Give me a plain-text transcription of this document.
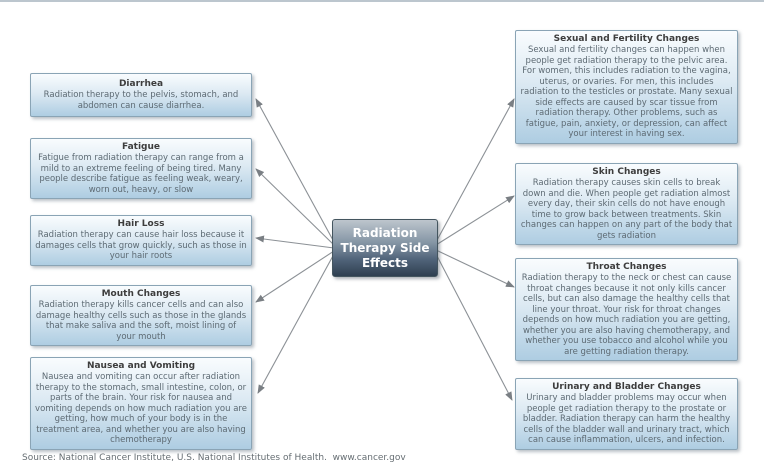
Diarrhea
Radiation therapy to the pelvis, stomach, and abdomen can cause diarrhea.
Fatigue
Fatigue from radiation therapy can range from a mild to an extreme feeling of being tired. Many people describe fatigue as feeling weak, weary, worn out, heavy, or slow
Hair Loss
Radiation therapy can cause hair loss because it damages cells that grow quickly, such as those in your hair roots
Mouth Changes
Radiation therapy kills cancer cells and can also damage healthy cells such as those in the glands that make saliva and the soft, moist lining of your mouth
Nausea and Vomiting
Nausea and vomiting can occur after radiation therapy to the stomach, small intestine, colon, or parts of the brain. Your risk for nausea and vomiting depends on how much radiation you are getting, how much of your body is in the treatment area, and whether you are also having chemotherapy
Sexual and Fertility Changes
Sexual and fertility changes can happen when people get radiation therapy to the pelvic area. For women, this includes radiation to the vagina, uterus, or ovaries. For men, this includes radiation to the testicles or prostate. Many sexual side effects are caused by scar tissue from radiation therapy. Other problems, such as fatigue, pain, anxiety, or depression, can affect your interest in having sex.
Skin Changes
Radiation therapy causes skin cells to break down and die. When people get radiation almost every day, their skin cells do not have enough time to grow back between treatments. Skin changes can happen on any part of the body that gets radiation
Throat Changes
Radiation therapy to the neck or chest can cause throat changes because it not only kills cancer cells, but can also damage the healthy cells that line your throat. Your risk for throat changes depends on how much radiation you are getting, whether you are also having chemotherapy, and whether you use tobacco and alcohol while you are getting radiation therapy.
Urinary and Bladder Changes
Urinary and bladder problems may occur when people get radiation therapy to the prostate or bladder. Radiation therapy can harm the healthy cells of the bladder wall and urinary tract, which can cause inflammation, ulcers, and infection.
Radiation Therapy Side Effects
Source: National Cancer Institute, U.S. National Institutes of Health.  www.cancer.gov
